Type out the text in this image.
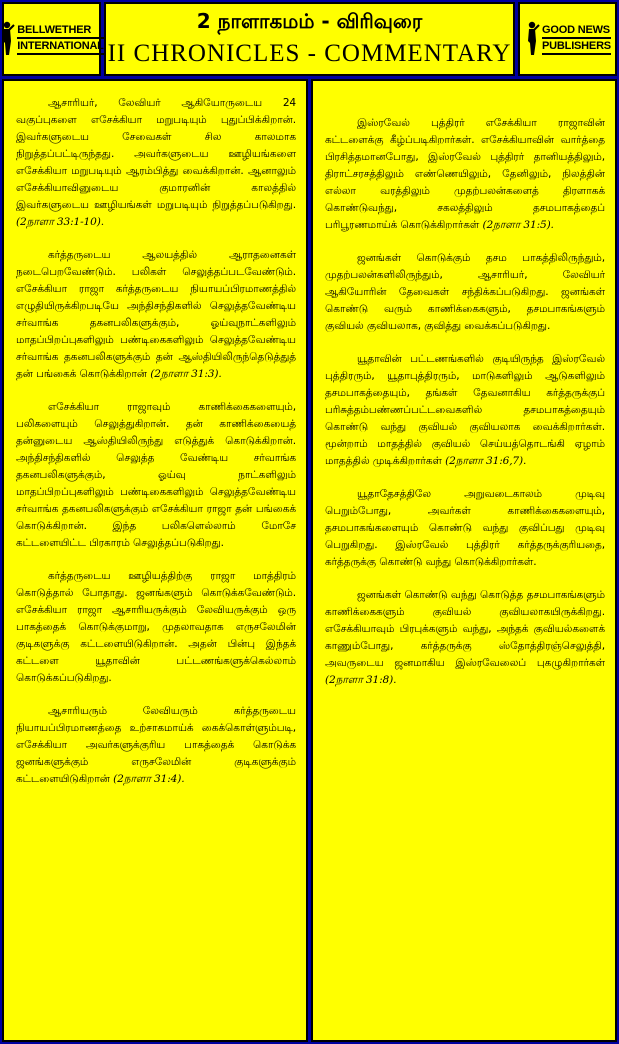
BELLWETHER
INTERNATIONAL
2 நாளாகமம் - விரிவுரை
II CHRONICLES - COMMENTARY
GOOD NEWS
PUBLISHERS

ஆசாரியர், லேவியர் ஆகியோருடைய 24 வகுப்புகளை எசேக்கியா மறுபடியும் புதுப்பிக்கிறான். இவர்களுடைய சேவைகள் சில காலமாக நிறுத்தப்பட்டிருந்தது. அவர்களுடைய ஊழியங்களை எசேக்கியா மறுபடியும் ஆரம்பித்து வைக்கிறான். ஆனாலும் எசேக்கியாவினுடைய குமாரனின் காலத்தில் இவர்களுடைய ஊழியங்கள் மறுபடியும் நிறுத்தப்படுகிறது. (2நாளா 33:1-10).

கர்த்தருடைய ஆலயத்தில் ஆராதனைகள் நடைபெறவேண்டும். பலிகள் செலுத்தப்படவேண்டும். எசேக்கியா ராஜா கர்த்தருடைய நியாயப்பிரமாணத்தில் எழுதியிருக்கிறபடியே அந்திசந்திகளில் செலுத்தவேண்டிய சர்வாங்க தகனபலிகளுக்கும், ஓய்வுநாட்களிலும் மாதப்பிறப்புகளிலும் பண்டிகைகளிலும் செலுத்தவேண்டிய சர்வாங்க தகனபலிகளுக்கும் தன் ஆஸ்தியிலிருந்தெடுத்துத் தன் பங்கைக் கொடுக்கிறான் (2நாளா 31:3).

எசேக்கியா ராஜாவும் காணிக்கைகளையும், பலிகளையும் செலுத்துகிறான். தன் காணிக்கையைத் தன்னுடைய ஆஸ்தியிலிருந்து எடுத்துக் கொடுக்கிறான். அந்திசந்திகளில் செலுத்த வேண்டிய சர்வாங்க தகனபலிகளுக்கும், ஓய்வு நாட்களிலும் மாதப்பிறப்புகளிலும் பண்டிகைகளிலும் செலுத்தவேண்டிய சர்வாங்க தகனபலிகளுக்கும் எசேக்கியா ராஜா தன் பங்கைக் கொடுக்கிறான். இந்த பலிகளெல்லாம் மோசே கட்டளையிட்ட பிரகாரம் செலுத்தப்படுகிறது.

கர்த்தருடைய ஊழியத்திற்கு ராஜா மாத்திரம் கொடுத்தால் போதாது. ஜனங்களும் கொடுக்கவேண்டும். எசேக்கியா ராஜா ஆசாரியருக்கும் லேவியருக்கும் ஒரு பாகத்தைக் கொடுக்குமாறு, முதலாவதாக எருசலேமின் குடிகளுக்கு கட்டளையிடுகிறான். அதன் பின்பு இந்தக் கட்டளை யூதாவின் பட்டணங்களுக்கெல்லாம் கொடுக்கப்படுகிறது.

ஆசாரியரும் லேவியரும் கர்த்தருடைய நியாயப்பிரமாணத்தை உற்சாகமாய்க் கைக்கொள்ளும்படி, எசேக்கியா அவர்களுக்குரிய பாகத்தைக் கொடுக்க ஜனங்களுக்கும் எருசலேமின் குடிகளுக்கும் கட்டளையிடுகிறான் (2நாளா 31:4).

இஸ்ரவேல் புத்திரர் எசேக்கியா ராஜாவின் கட்டளைக்கு கீழ்ப்படிகிறார்கள். எசேக்கியாவின் வார்த்தை பிரசித்தமானபோது, இஸ்ரவேல் புத்திரர் தானியத்திலும், திராட்சரசத்திலும் எண்ணெயிலும், தேனிலும், நிலத்தின் எல்லா வரத்திலும் முதற்பலன்களைத் திரளாகக் கொண்டுவந்து, சகலத்திலும் தசமபாகத்தைப் பரிபூரணமாய்க் கொடுக்கிறார்கள் (2நாளா 31:5).

ஜனங்கள் கொடுக்கும் தசம பாகத்திலிருந்தும், முதற்பலன்களிலிருந்தும், ஆசாரியர், லேவியர் ஆகியோரின் தேவைகள் சந்திக்கப்படுகிறது. ஜனங்கள் கொண்டு வரும் காணிக்கைகளும், தசமபாகங்களும் குவியல் குவியலாக, குவித்து வைக்கப்படுகிறது.

யூதாவின் பட்டணங்களில் குடியிருந்த இஸ்ரவேல் புத்திரரும், யூதாபுத்திரரும், மாடுகளிலும் ஆடுகளிலும் தசமபாகத்தையும், தங்கள் தேவனாகிய கர்த்தருக்குப் பரிசுத்தம்பண்ணப்பட்டவைகளில் தசமபாகத்தையும் கொண்டு வந்து குவியல் குவியலாக வைக்கிறார்கள். மூன்றாம் மாதத்தில் குவியல் செய்யத்தொடங்கி ஏழாம் மாதத்தில் முடிக்கிறார்கள் (2நாளா 31:6,7).

யூதாதேசத்திலே அறுவடைகாலம் முடிவு பெறும்போது, அவர்கள் காணிக்கைகளையும், தசமபாகங்களையும் கொண்டு வந்து குவிப்பது முடிவு பெறுகிறது. இஸ்ரவேல் புத்திரர் கர்த்தருக்குரியதை, கர்த்தருக்கு கொண்டு வந்து கொடுக்கிறார்கள்.

ஜனங்கள் கொண்டு வந்து கொடுத்த தசமபாகங்களும் காணிக்கைகளும் குவியல் குவியலாகயிருக்கிறது. எசேக்கியாவும் பிரபுக்களும் வந்து, அந்தக் குவியல்களைக் காணும்போது, கர்த்தருக்கு ஸ்தோத்திரஞ்செலுத்தி, அவருடைய ஜனமாகிய இஸ்ரவேலைப் புகழுகிறார்கள் (2நாளா 31:8).
